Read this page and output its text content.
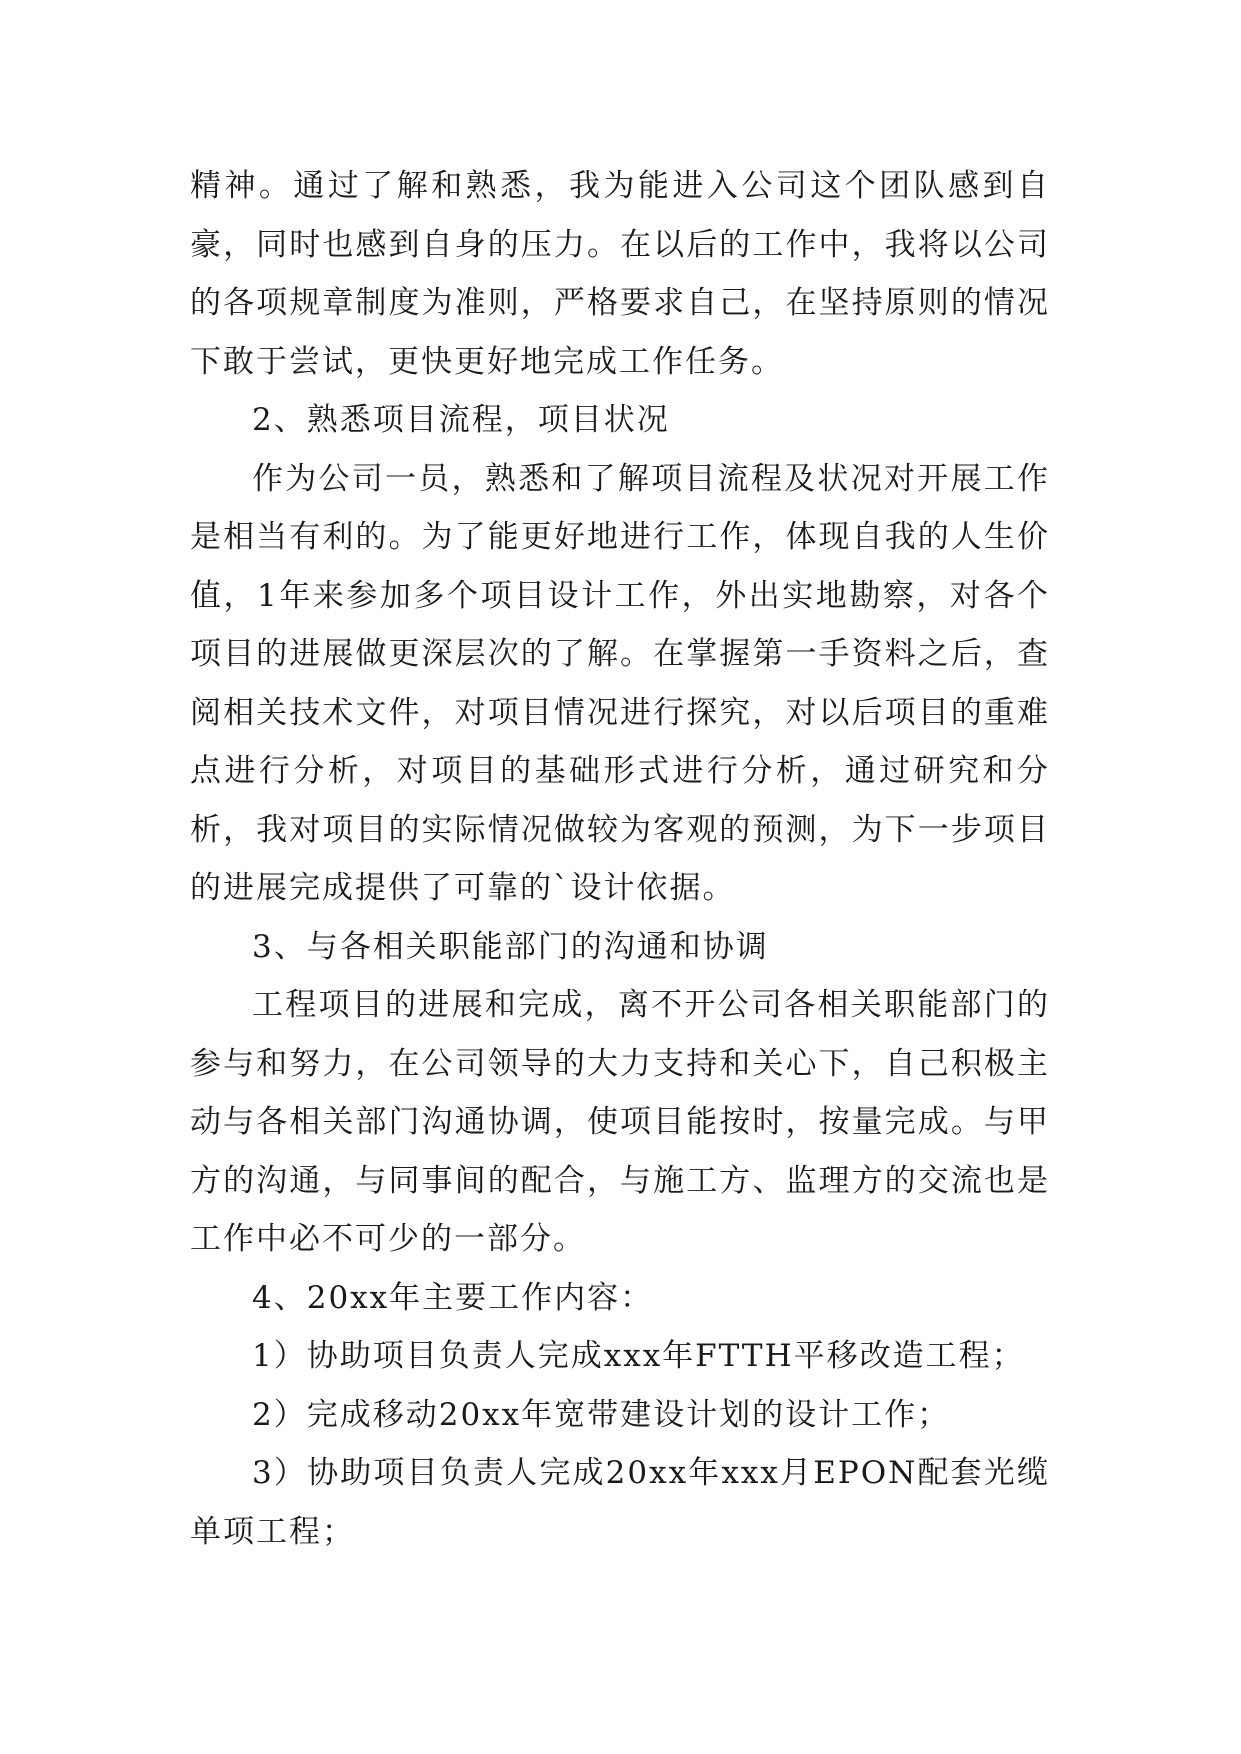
精神。通过了解和熟悉，我为能进入公司这个团队感到自豪，同时也感到自身的压力。在以后的工作中，我将以公司的各项规章制度为准则，严格要求自己，在坚持原则的情况下敢于尝试，更快更好地完成工作任务。

2、熟悉项目流程，项目状况

作为公司一员，熟悉和了解项目流程及状况对开展工作是相当有利的。为了能更好地进行工作，体现自我的人生价值，1年来参加多个项目设计工作，外出实地勘察，对各个项目的进展做更深层次的了解。在掌握第一手资料之后，查阅相关技术文件，对项目情况进行探究，对以后项目的重难点进行分析，对项目的基础形式进行分析，通过研究和分析，我对项目的实际情况做较为客观的预测，为下一步项目的进展完成提供了可靠的`设计依据。

3、与各相关职能部门的沟通和协调

工程项目的进展和完成，离不开公司各相关职能部门的参与和努力，在公司领导的大力支持和关心下，自己积极主动与各相关部门沟通协调，使项目能按时，按量完成。与甲方的沟通，与同事间的配合，与施工方、监理方的交流也是工作中必不可少的一部分。

4、20xx年主要工作内容：

1）协助项目负责人完成xxx年FTTH平移改造工程；

2）完成移动20xx年宽带建设计划的设计工作；

3）协助项目负责人完成20xx年xxx月EPON配套光缆单项工程；
